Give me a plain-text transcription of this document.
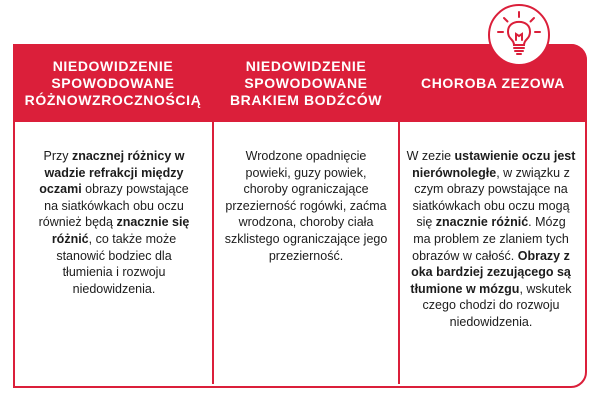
NIEDOWIDZENIE
SPOWODOWANE
RÓŻNOWZROCZNOŚCIĄ
NIEDOWIDZENIE
SPOWODOWANE
BRAKIEM BODŹCÓW
CHOROBA ZEZOWA
Przy znacznej różnicy w wadzie refrakcji między oczami obrazy powstające na siatkówkach obu oczu również będą znacznie się różnić, co także może stanowić bodziec dla tłumienia i rozwoju niedowidzenia.
Wrodzone opadnięcie powieki, guzy powiek, choroby ograniczające przezierność rogówki, zaćma wrodzona, choroby ciała szklistego ograniczające jego przezierność.
W zezie ustawienie oczu jest nierównoległe, w związku z czym obrazy powstające na siatkówkach obu oczu mogą się znacznie różnić. Mózg ma problem ze zlaniem tych obrazów w całość. Obrazy z oka bardziej zezującego są tłumione w mózgu, wskutek czego chodzi do rozwoju niedowidzenia.
